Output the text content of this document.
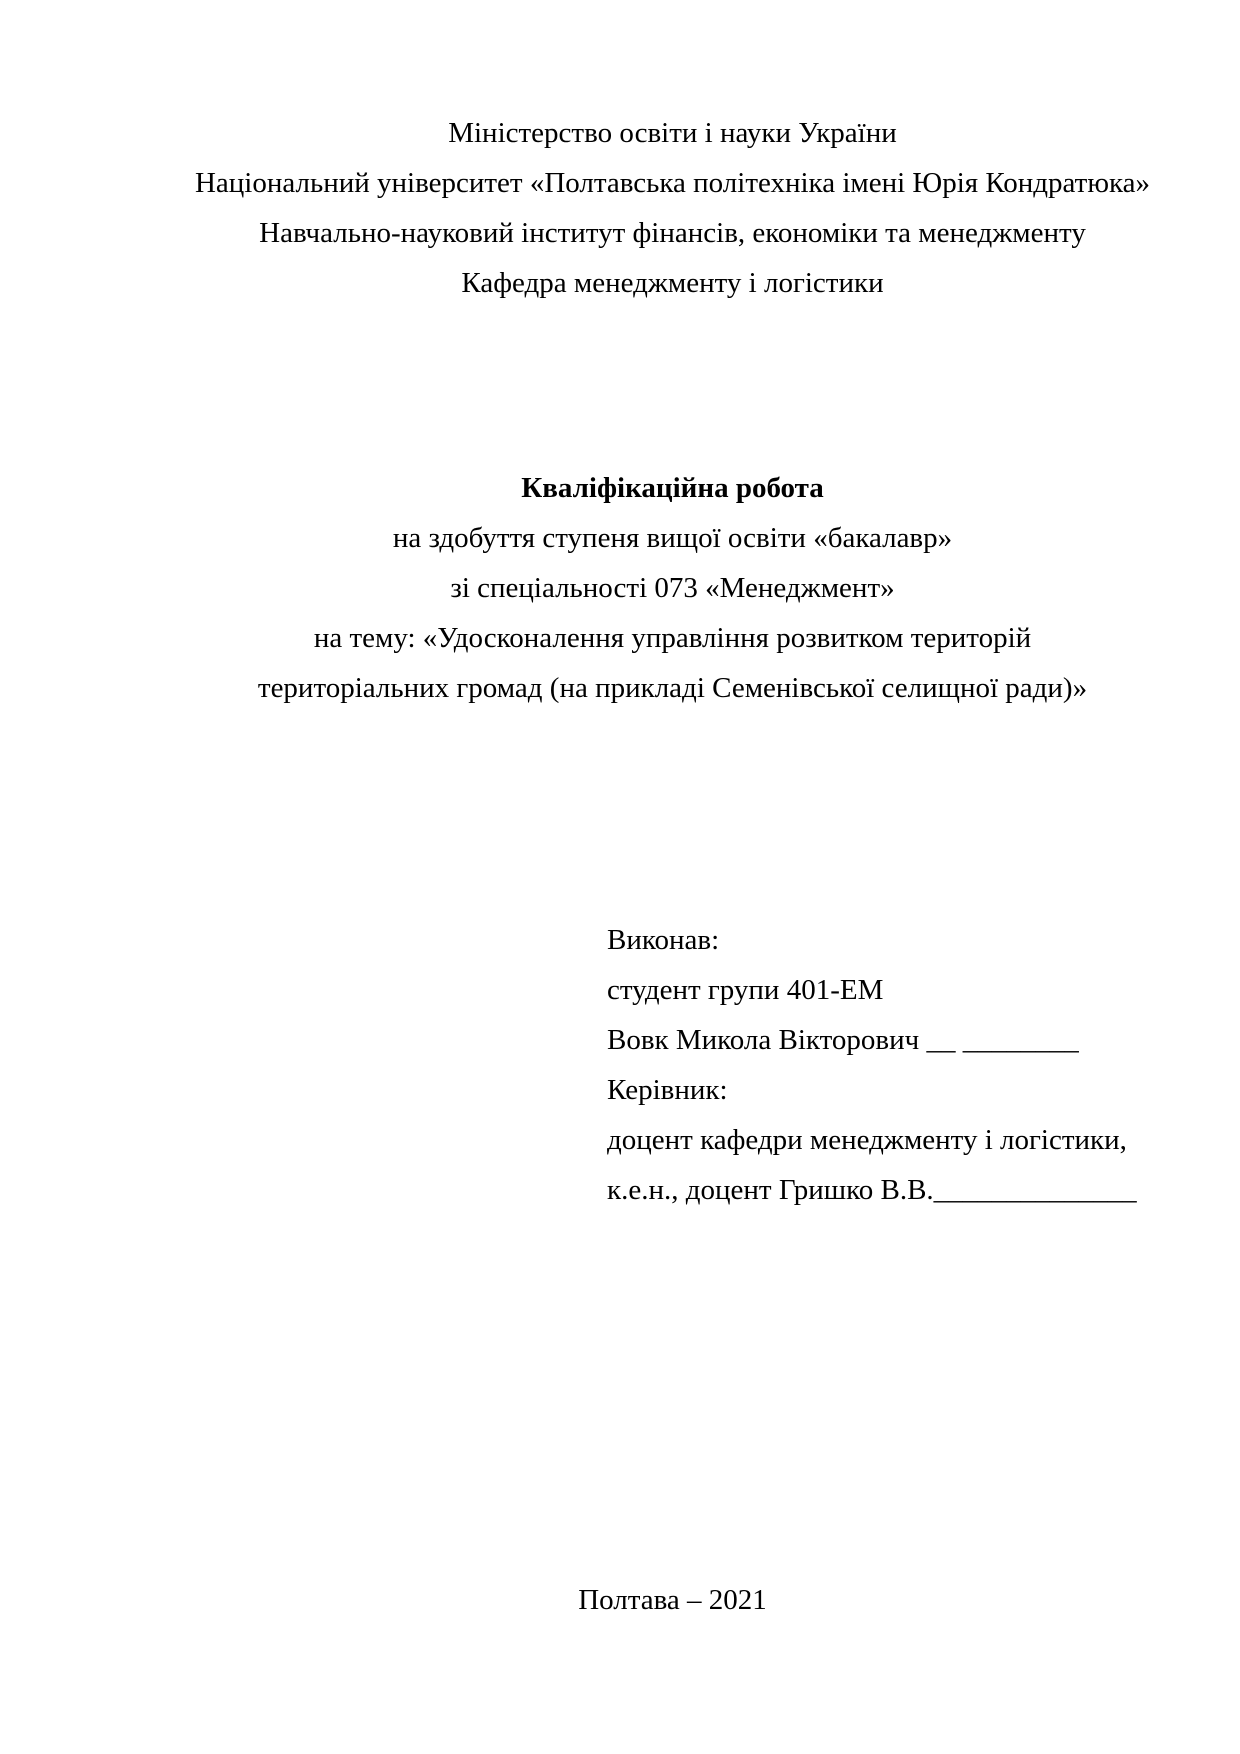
Міністерство освіти і науки України
Національний університет «Полтавська політехніка імені Юрія Кондратюка»
Навчально-науковий інститут фінансів, економіки та менеджменту
Кафедра менеджменту і логістики
Кваліфікаційна робота
на здобуття ступеня вищої освіти «бакалавр»
зі спеціальності 073 «Менеджмент»
на тему: «Удосконалення управління розвитком територій
територіальних громад (на прикладі Семенівської селищної ради)»
Виконав:
студент групи 401-ЕМ
Вовк Микола Вікторович __ ________
Керівник:
доцент кафедри менеджменту і логістики,
к.е.н., доцент Гришко В.В.______________
Полтава – 2021
